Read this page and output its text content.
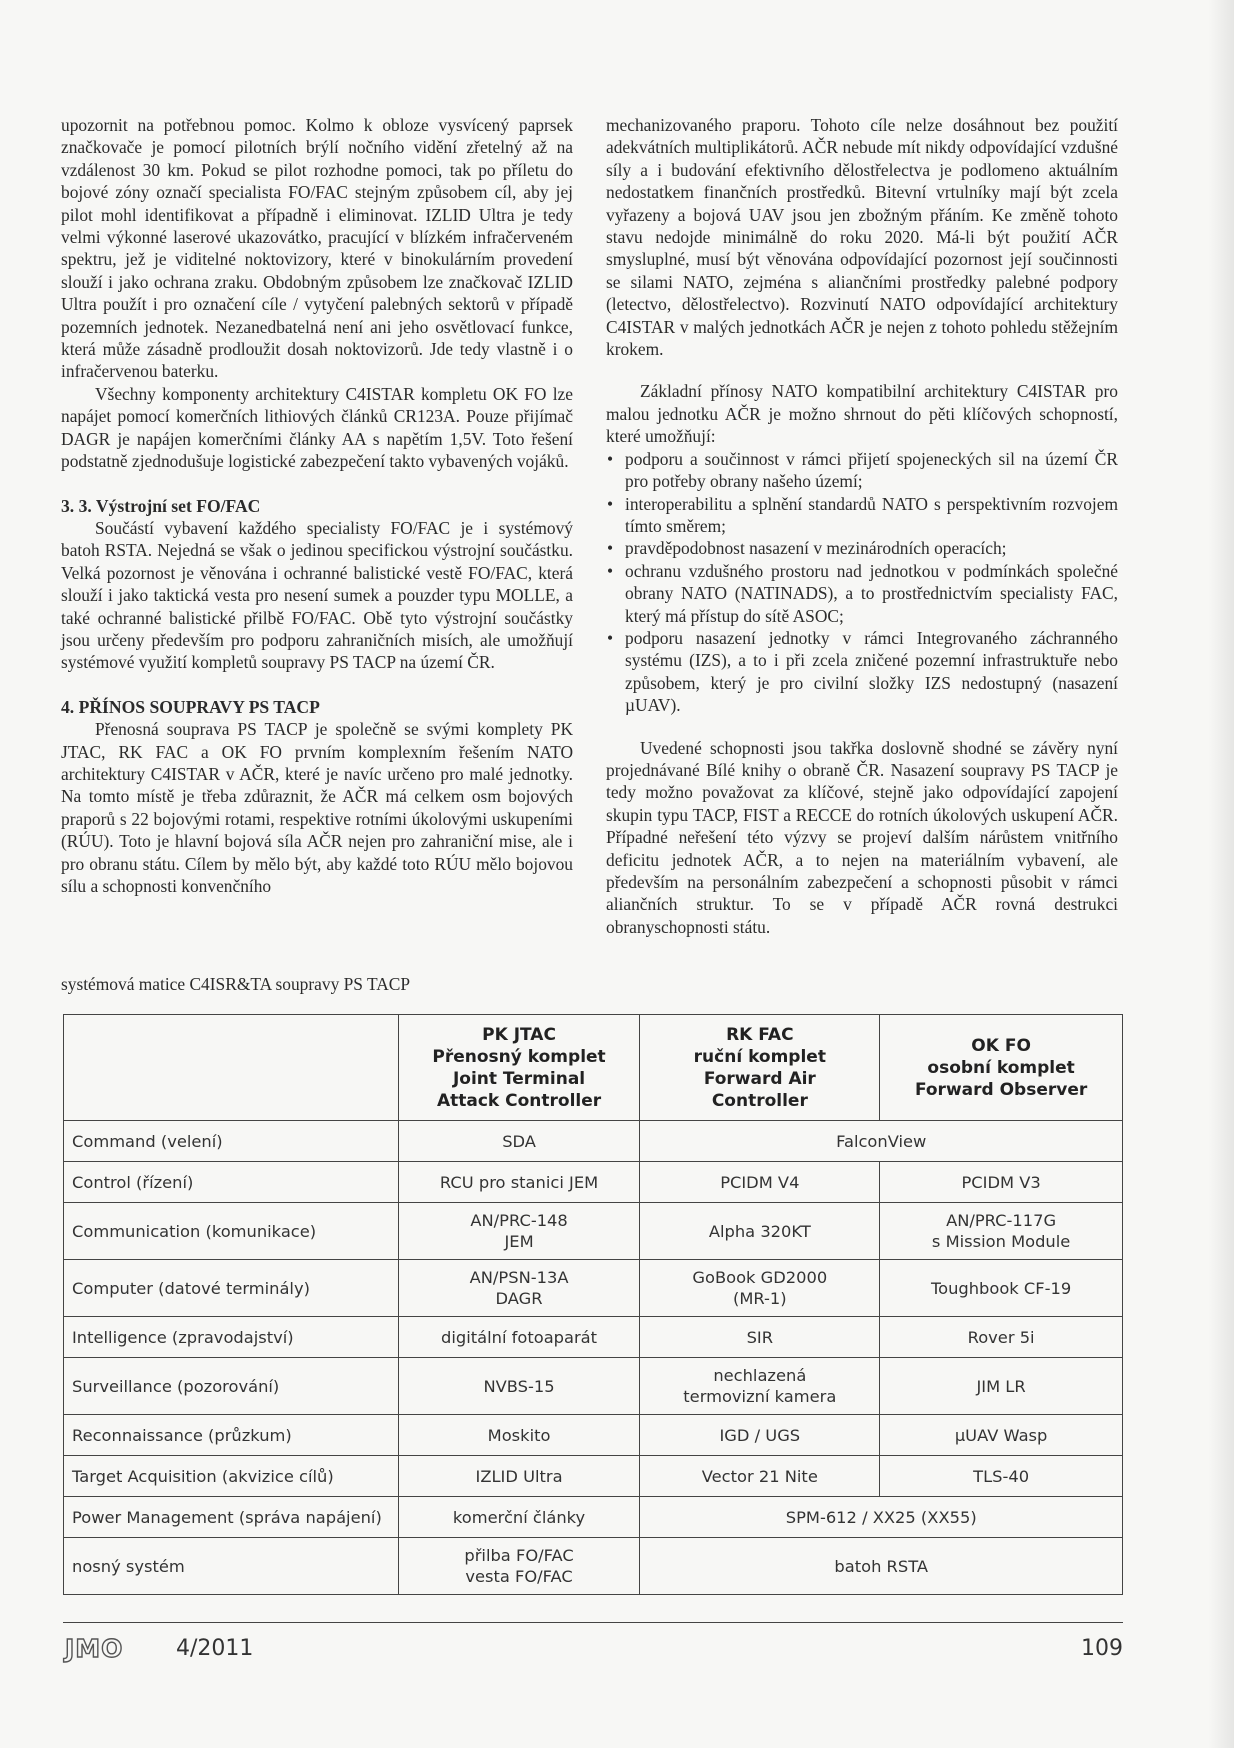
upozornit na potřebnou pomoc. Kolmo k obloze vysvícený paprsek značkovače je pomocí pilotních brýlí nočního vidění zřetelný až na vzdálenost 30 km. Pokud se pilot rozhodne pomoci, tak po příletu do bojové zóny označí specialista FO/FAC stejným způsobem cíl, aby jej pilot mohl identifikovat a případně i eliminovat. IZLID Ultra je tedy velmi výkonné laserové ukazovátko, pracující v blízkém infračerveném spektru, jež je viditelné noktovizory, které v binokulárním provedení slouží i jako ochrana zraku. Obdobným způsobem lze značkovač IZLID Ultra použít i pro označení cíle / vytyčení palebných sektorů v případě pozemních jednotek. Nezanedbatelná není ani jeho osvětlovací funkce, která může zásadně prodloužit dosah noktovizorů. Jde tedy vlastně i o infračervenou baterku.

Všechny komponenty architektury C4ISTAR kompletu OK FO lze napájet pomocí komerčních lithiových článků CR123A. Pouze přijímač DAGR je napájen komerčními články AA s napětím 1,5V. Toto řešení podstatně zjednodušuje logistické zabezpečení takto vybavených vojáků.

3. 3. Výstrojní set FO/FAC

Součástí vybavení každého specialisty FO/FAC je i systémový batoh RSTA. Nejedná se však o jedinou specifickou výstrojní součástku. Velká pozornost je věnována i ochranné balistické vestě FO/FAC, která slouží i jako taktická vesta pro nesení sumek a pouzder typu MOLLE, a také ochranné balistické přilbě FO/FAC. Obě tyto výstrojní součástky jsou určeny především pro podporu zahraničních misích, ale umožňují systémové využití kompletů soupravy PS TACP na území ČR.

4. PŘÍNOS SOUPRAVY PS TACP

Přenosná souprava PS TACP je společně se svými komplety PK JTAC, RK FAC a OK FO prvním komplexním řešením NATO architektury C4ISTAR v AČR, které je navíc určeno pro malé jednotky. Na tomto místě je třeba zdůraznit, že AČR má celkem osm bojových praporů s 22 bojovými rotami, respektive rotními úkolovými uskupeními (RÚU). Toto je hlavní bojová síla AČR nejen pro zahraniční mise, ale i pro obranu státu. Cílem by mělo být, aby každé toto RÚU mělo bojovou sílu a schopnosti konvenčního

mechanizovaného praporu. Tohoto cíle nelze dosáhnout bez použití adekvátních multiplikátorů. AČR nebude mít nikdy odpovídající vzdušné síly a i budování efektivního dělostřelectva je podlomeno aktuálním nedostatkem finančních prostředků. Bitevní vrtulníky mají být zcela vyřazeny a bojová UAV jsou jen zbožným přáním. Ke změně tohoto stavu nedojde minimálně do roku 2020. Má-li být použití AČR smysluplné, musí být věnována odpovídající pozornost její součinnosti se silami NATO, zejména s aliančními prostředky palebné podpory (letectvo, dělostřelectvo). Rozvinutí NATO odpovídající architektury C4ISTAR v malých jednotkách AČR je nejen z tohoto pohledu stěžejním krokem.

Základní přínosy NATO kompatibilní architektury C4ISTAR pro malou jednotku AČR je možno shrnout do pěti klíčových schopností, které umožňují:

• podporu a součinnost v rámci přijetí spojeneckých sil na území ČR pro potřeby obrany našeho území;
• interoperabilitu a splnění standardů NATO s perspektivním rozvojem tímto směrem;
• pravděpodobnost nasazení v mezinárodních operacích;
• ochranu vzdušného prostoru nad jednotkou v podmínkách společné obrany NATO (NATINADS), a to prostřednictvím specialisty FAC, který má přístup do sítě ASOC;
• podporu nasazení jednotky v rámci Integrovaného záchranného systému (IZS), a to i při zcela zničené pozemní infrastruktuře nebo způsobem, který je pro civilní složky IZS nedostupný (nasazení µUAV).

Uvedené schopnosti jsou takřka doslovně shodné se závěry nyní projednávané Bílé knihy o obraně ČR. Nasazení soupravy PS TACP je tedy možno považovat za klíčové, stejně jako odpovídající zapojení skupin typu TACP, FIST a RECCE do rotních úkolových uskupení AČR. Případné neřešení této výzvy se projeví dalším nárůstem vnitřního deficitu jednotek AČR, a to nejen na materiálním vybavení, ale především na personálním zabezpečení a schopnosti působit v rámci aliančních struktur. To se v případě AČR rovná destrukci obranyschopnosti státu.

systémová matice C4ISR&TA soupravy PS TACP
	PK JTAC
Přenosný komplet
Joint Terminal
Attack Controller	RK FAC
ruční komplet
Forward Air
Controller	OK FO
osobní komplet
Forward Observer
Command (velení)	SDA	FalconView	
Control (řízení)	RCU pro stanici JEM	PCIDM V4	PCIDM V3
Communication (komunikace)	AN/PRC-148
JEM	Alpha 320KT	AN/PRC-117G
s Mission Module
Computer (datové terminály)	AN/PSN-13A
DAGR	GoBook GD2000
(MR-1)	Toughbook CF-19
Intelligence (zpravodajství)	digitální fotoaparát	SIR	Rover 5i
Surveillance (pozorování)	NVBS-15	nechlazená
termovizní kamera	JIM LR
Reconnaissance (průzkum)	Moskito	IGD / UGS	µUAV Wasp
Target Acquisition (akvizice cílů)	IZLID Ultra	Vector 21 Nite	TLS-40
Power Management (správa napájení)	komerční články	SPM-612 / XX25 (XX55)	
nosný systém	přilba FO/FAC
vesta FO/FAC	batoh RSTA	
JMO 4/2011	109
